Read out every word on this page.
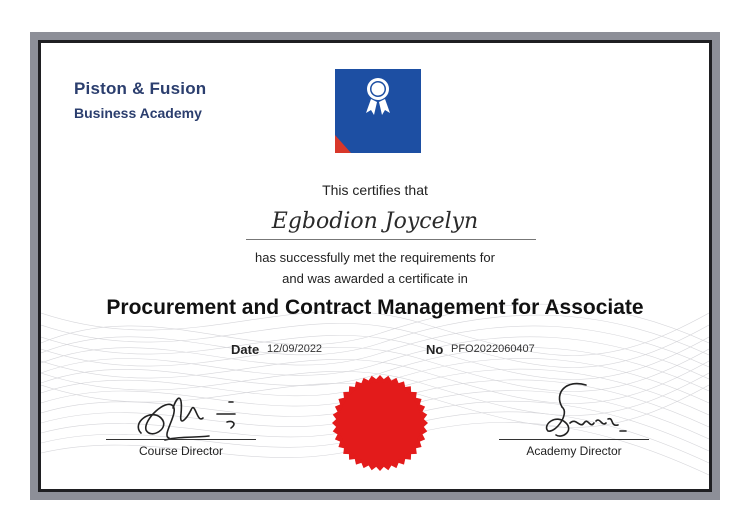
Piston & Fusion
Business Academy
This certifies that
Egbodion Joycelyn
has successfully met the requirements for
and was awarded a certificate in
Procurement and Contract Management for Associate
Date 12/09/2022	No PFO2022060407
Course Director	Academy Director
